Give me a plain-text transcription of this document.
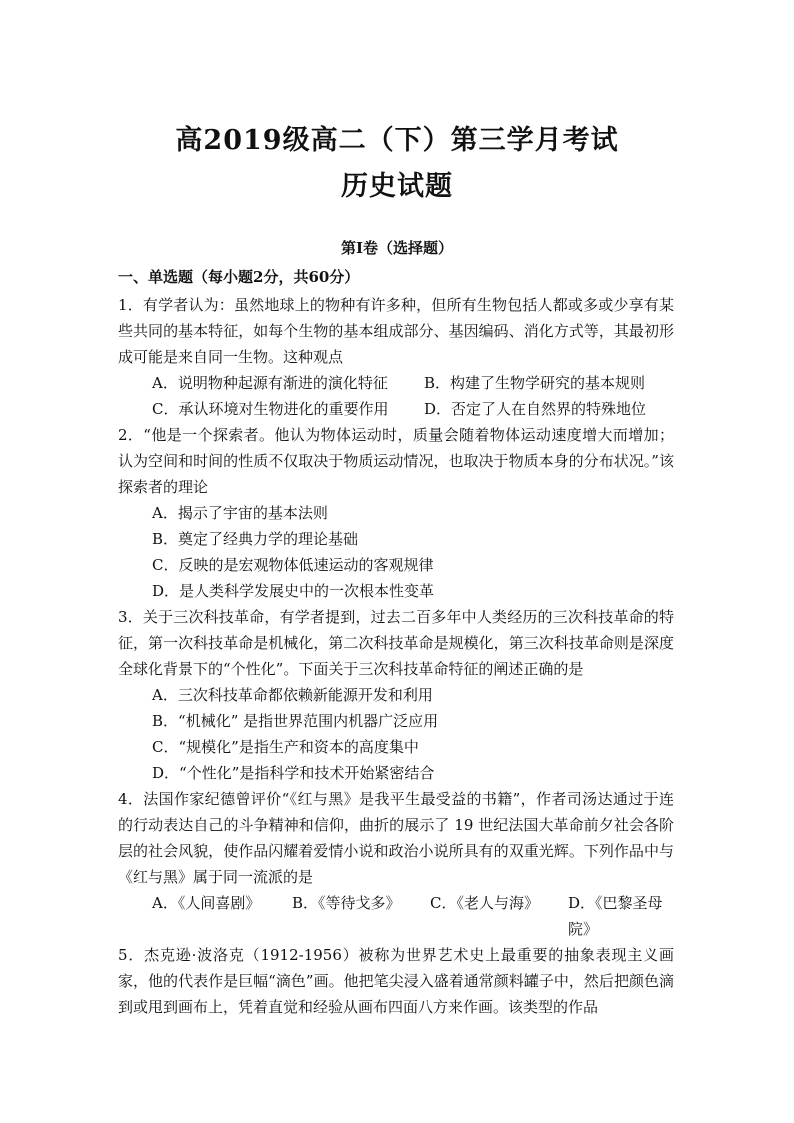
高2019级高二（下）第三学月考试
历史试题
第I卷（选择题）
一、单选题（每小题2分，共60分）

1．有学者认为：虽然地球上的物种有许多种，但所有生物包括人都或多或少享有某些共同的基本特征，如每个生物的基本组成部分、基因编码、消化方式等，其最初形成可能是来自同一生物。这种观点

A．说明物种起源有渐进的演化特征	B．构建了生物学研究的基本规则
C．承认环境对生物进化的重要作用	D．否定了人在自然界的特殊地位

2．“他是一个探索者。他认为物体运动时，质量会随着物体运动速度增大而增加；认为空间和时间的性质不仅取决于物质运动情况，也取决于物质本身的分布状况。”该探索者的理论

A．揭示了宇宙的基本法则

B．奠定了经典力学的理论基础

C．反映的是宏观物体低速运动的客观规律

D．是人类科学发展史中的一次根本性变革

3．关于三次科技革命，有学者提到，过去二百多年中人类经历的三次科技革命的特征，第一次科技革命是机械化，第二次科技革命是规模化，第三次科技革命则是深度全球化背景下的“个性化”。下面关于三次科技革命特征的阐述正确的是

A．三次科技革命都依赖新能源开发和利用

B．“机械化” 是指世界范围内机器广泛应用

C．“规模化”是指生产和资本的高度集中

D．“个性化”是指科学和技术开始紧密结合

4．法国作家纪德曾评价“《红与黑》是我平生最受益的书籍”，作者司汤达通过于连的行动表达自己的斗争精神和信仰，曲折的展示了 19 世纪法国大革命前夕社会各阶层的社会风貌，使作品闪耀着爱情小说和政治小说所具有的双重光辉。下列作品中与《红与黑》属于同一流派的是

A．《人间喜剧》	B．《等待戈多》	C．《老人与海》	D．《巴黎圣母院》

5．杰克逊·波洛克（1912-1956）被称为世界艺术史上最重要的抽象表现主义画家，他的代表作是巨幅“滴色”画。他把笔尖浸入盛着通常颜料罐子中，然后把颜色滴到或甩到画布上，凭着直觉和经验从画布四面八方来作画。该类型的作品
